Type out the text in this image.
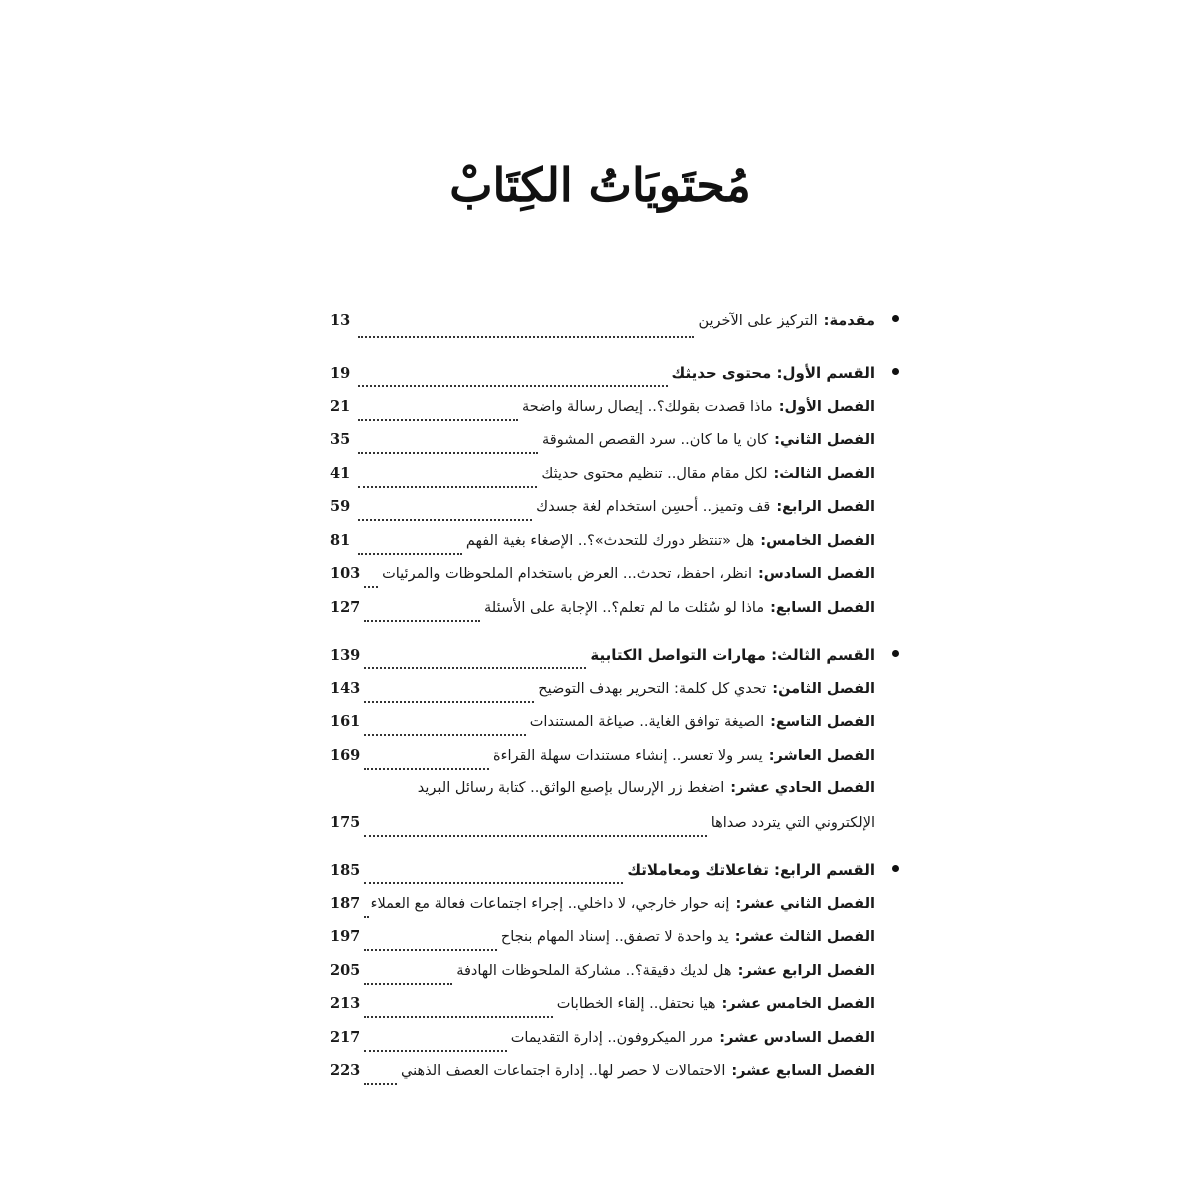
مُحتَويَاتُ الكِتَابْ
مقدمة:
التركيز على الآخرين
13
القسم الأول: محتوى حديثك
19
الفصل الأول:
ماذا قصدت بقولك؟.. إيصال رسالة واضحة
21
الفصل الثاني:
كان يا ما كان.. سرد القصص المشوقة
35
الفصل الثالث:
لكل مقام مقال.. تنظيم محتوى حديثك
41
الفصل الرابع:
قف وتميز.. أحسِن استخدام لغة جسدك
59
الفصل الخامس:
هل «تنتظر دورك للتحدث»؟.. الإصغاء بغية الفهم
81
الفصل السادس:
انظر، احفظ، تحدث... العرض باستخدام الملحوظات والمرئيات
103
الفصل السابع:
ماذا لو سُئلت ما لم تعلم؟.. الإجابة على الأسئلة
127
القسم الثالث: مهارات التواصل الكتابية
139
الفصل الثامن:
تحدي كل كلمة: التحرير بهدف التوضيح
143
الفصل التاسع:
الصيغة توافق الغاية.. صياغة المستندات
161
الفصل العاشر:
يسر ولا تعسر.. إنشاء مستندات سهلة القراءة
169
الفصل الحادي عشر:
اضغط زر الإرسال بإصبع الواثق.. كتابة رسائل البريد
الإلكتروني التي يتردد صداها
175
القسم الرابع: تفاعلاتك ومعاملاتك
185
الفصل الثاني عشر:
إنه حوار خارجي، لا داخلي.. إجراء اجتماعات فعالة مع العملاء
187
الفصل الثالث عشر:
يد واحدة لا تصفق.. إسناد المهام بنجاح
197
الفصل الرابع عشر:
هل لديك دقيقة؟.. مشاركة الملحوظات الهادفة
205
الفصل الخامس عشر:
هيا نحتفل.. إلقاء الخطابات
213
الفصل السادس عشر:
مرر الميكروفون.. إدارة التقديمات
217
الفصل السابع عشر:
الاحتمالات لا حصر لها.. إدارة اجتماعات العصف الذهني
223
